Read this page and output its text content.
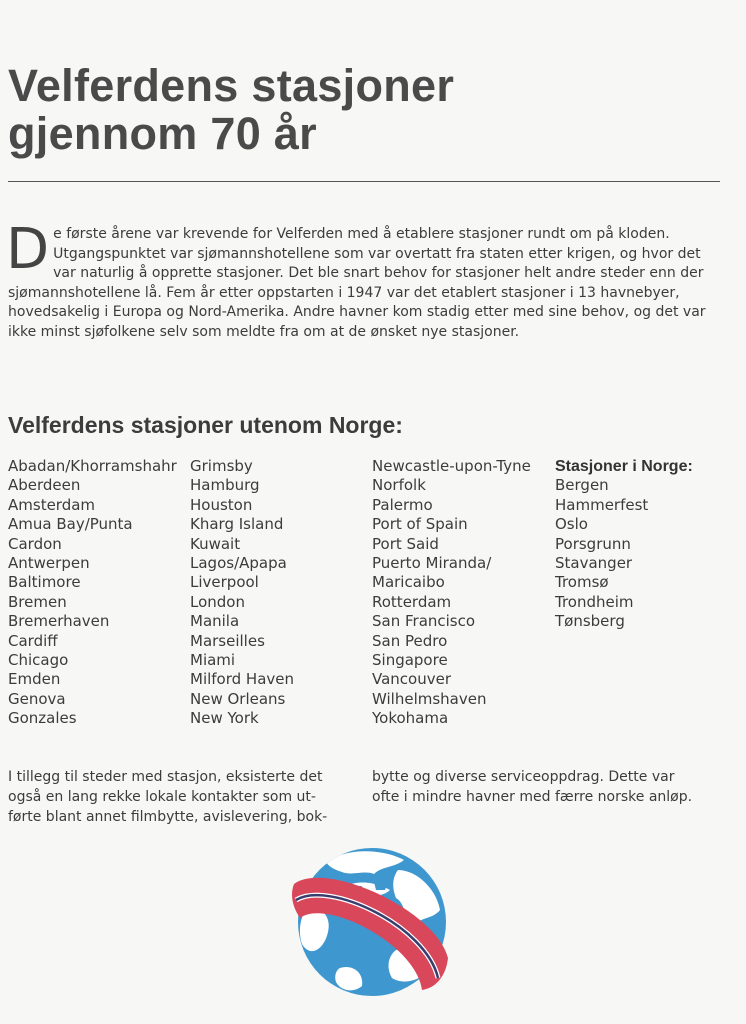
Velferdens stasjoner
gjennom 70 år

De første årene var krevende for Velferden med å etablere stasjoner rundt om på kloden. Utgangspunktet var sjømannshotellene som var overtatt fra staten etter krigen, og hvor det var naturlig å opprette stasjoner. Det ble snart behov for stasjoner helt andre steder enn der sjømannshotellene lå. Fem år etter oppstarten i 1947 var det etablert stasjoner i 13 havnebyer, hovedsakelig i Europa og Nord-Amerika. Andre havner kom stadig etter med sine behov, og det var ikke minst sjøfolkene selv som meldte fra om at de ønsket nye stasjoner.

Velferdens stasjoner utenom Norge:
Abadan/Khorramshahr
Aberdeen
Amsterdam
Amua Bay/Punta
Cardon
Antwerpen
Baltimore
Bremen
Bremerhaven
Cardiff
Chicago
Emden
Genova
Gonzales
Grimsby
Hamburg
Houston
Kharg Island
Kuwait
Lagos/Apapa
Liverpool
London
Manila
Marseilles
Miami
Milford Haven
New Orleans
New York
Newcastle-upon-Tyne
Norfolk
Palermo
Port of Spain
Port Said
Puerto Miranda/
Maricaibo
Rotterdam
San Francisco
San Pedro
Singapore
Vancouver
Wilhelmshaven
Yokohama
Stasjoner i Norge:
Bergen
Hammerfest
Oslo
Porsgrunn
Stavanger
Tromsø
Trondheim
Tønsberg

I tillegg til steder med stasjon, eksisterte det
også en lang rekke lokale kontakter som ut-
førte blant annet filmbytte, avislevering, bok-

bytte og diverse serviceoppdrag. Dette var
ofte i mindre havner med færre norske anløp.
